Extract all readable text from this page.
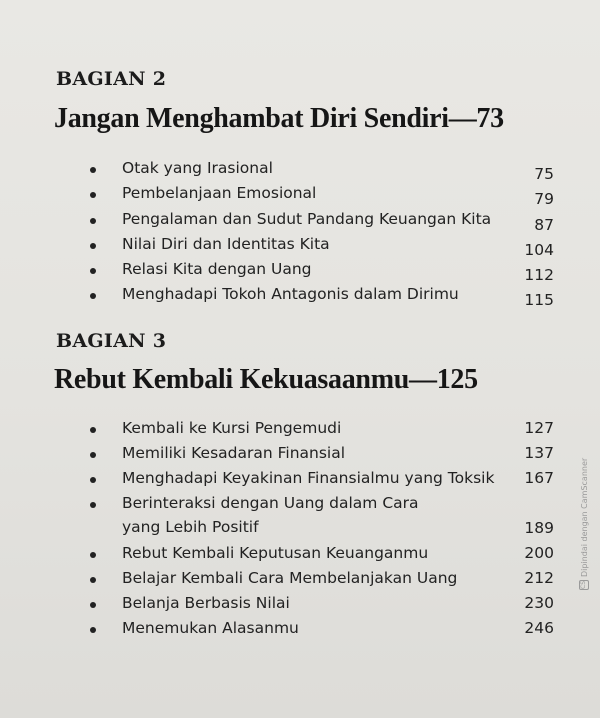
BAGIAN 2
Jangan Menghambat Diri Sendiri—73
Otak yang Irasional	75
Pembelanjaan Emosional	79
Pengalaman dan Sudut Pandang Keuangan Kita	87
Nilai Diri dan Identitas Kita	104
Relasi Kita dengan Uang	112
Menghadapi Tokoh Antagonis dalam Dirimu	115
BAGIAN 3
Rebut Kembali Kekuasaanmu—125
Kembali ke Kursi Pengemudi	127
Memiliki Kesadaran Finansial	137
Menghadapi Keyakinan Finansialmu yang Toksik 167
Berinteraksi dengan Uang dalam Cara
yang Lebih Positif	189
Rebut Kembali Keputusan Keuanganmu	200
Belajar Kembali Cara Membelanjakan Uang	212
Belanja Berbasis Nilai	230
Menemukan Alasanmu	246
CS
Dipindai dengan CamScanner
